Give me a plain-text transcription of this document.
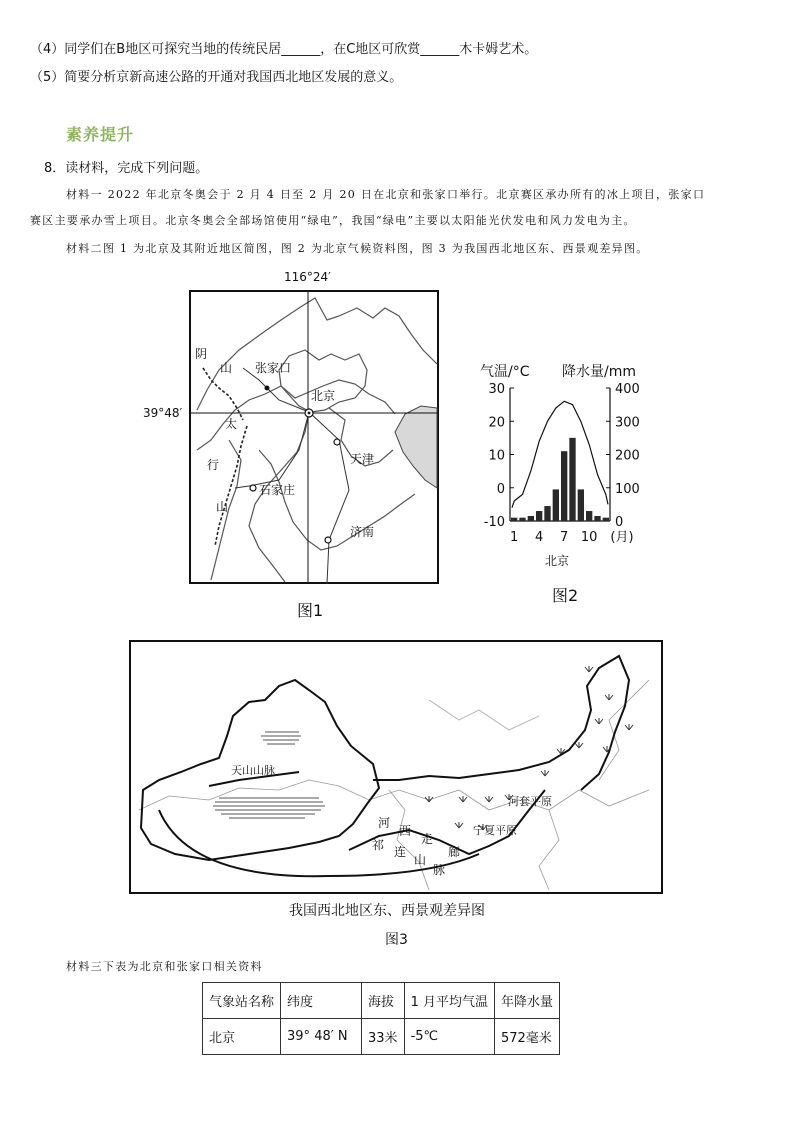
（4）同学们在B地区可探究当地的传统民居______，在C地区可欣赏______木卡姆艺术。
（5）简要分析京新高速公路的开通对我国西北地区发展的意义。
素养提升
8．读材料，完成下列问题。
材料一 2022 年北京冬奥会于 2 月 4 日至 2 月 20 日在北京和张家口举行。北京赛区承办所有的冰上项目，张家口
赛区主要承办雪上项目。北京冬奥会全部场馆使用“绿电”，我国“绿电”主要以太阳能光伏发电和风力发电为主。
材料二图 1 为北京及其附近地区简图，图 2 为北京气候资料图，图 3 为我国西北地区东、西景观差异图。
116°24′
39°48′
阴
山 张家口
北京
太
行
山
天津
石家庄
济南
图1
气温/°C 降水量/mm
30
20
10
0
-10
400
300
200
100
0
1 4 7 10 (月)
北京
图2
天山山脉
河
西
走
廊
祁 连
山
脉
河套平原
宁夏平原
我国西北地区东、西景观差异图
图3
材料三下表为北京和张家口相关资料
气象站名称	纬度	海拔	1 月平均气温	年降水量
北京	39° 48′ N	33米	-5℃	572毫米
